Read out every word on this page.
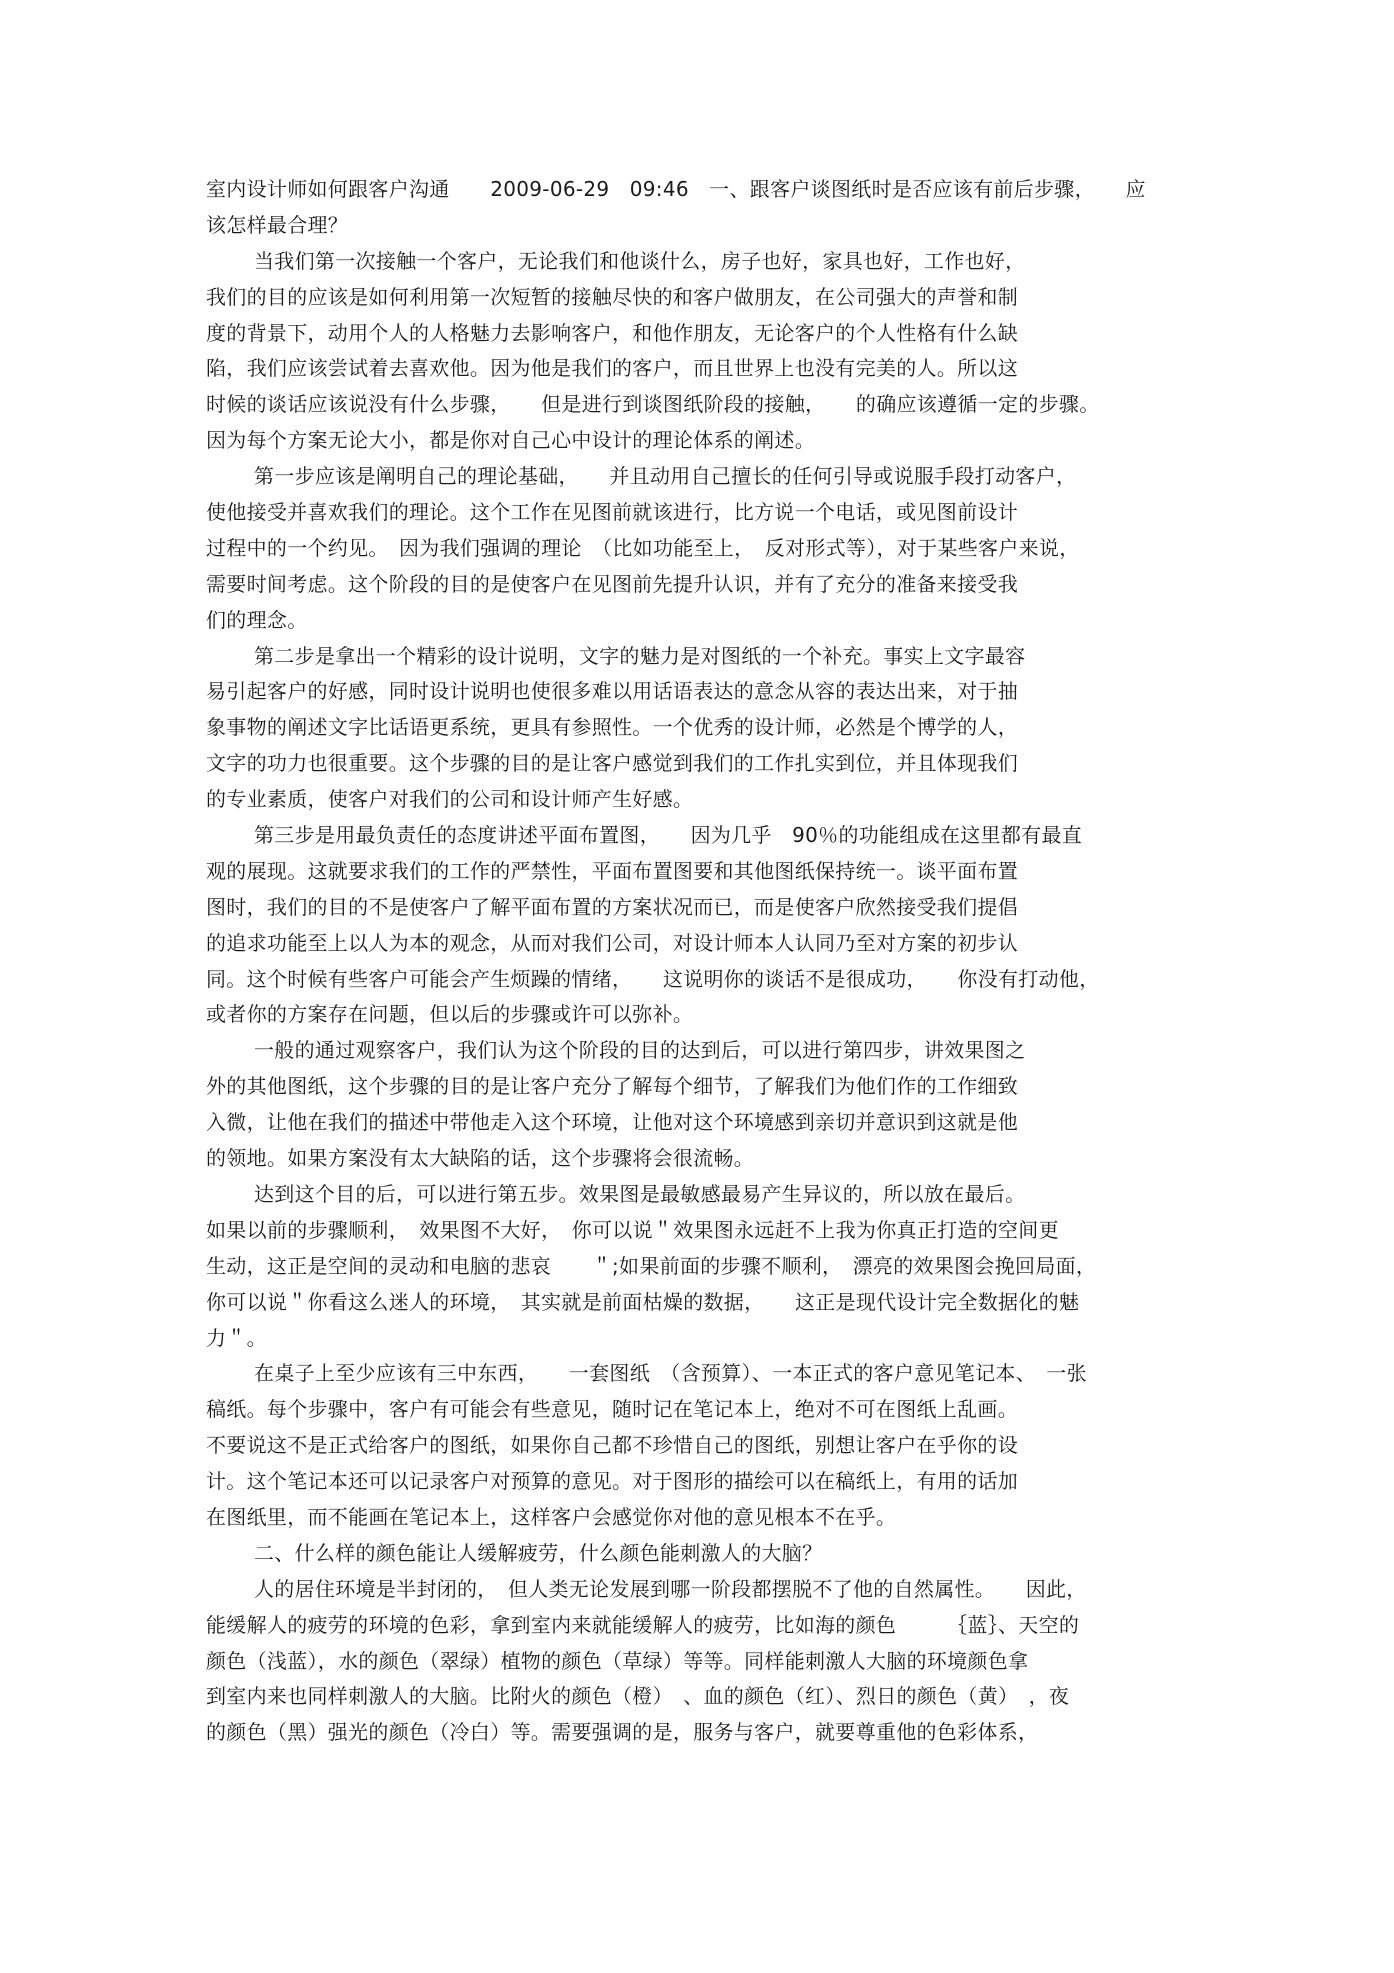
室内设计师如何跟客户沟通　　2009-06-29　09:46　一、跟客户谈图纸时是否应该有前后步骤，　　应
该怎样最合理？
当我们第一次接触一个客户，无论我们和他谈什么，房子也好，家具也好，工作也好，
我们的目的应该是如何利用第一次短暂的接触尽快的和客户做朋友，在公司强大的声誉和制
度的背景下，动用个人的人格魅力去影响客户，和他作朋友，无论客户的个人性格有什么缺
陷，我们应该尝试着去喜欢他。因为他是我们的客户，而且世界上也没有完美的人。所以这
时候的谈话应该说没有什么步骤，　　但是进行到谈图纸阶段的接触，　　的确应该遵循一定的步骤。
因为每个方案无论大小，都是你对自己心中设计的理论体系的阐述。
第一步应该是阐明自己的理论基础，　　并且动用自己擅长的任何引导或说服手段打动客户，
使他接受并喜欢我们的理论。这个工作在见图前就该进行，比方说一个电话，或见图前设计
过程中的一个约见。　因为我们强调的理论　（比如功能至上，　反对形式等），对于某些客户来说，
需要时间考虑。这个阶段的目的是使客户在见图前先提升认识，并有了充分的准备来接受我
们的理念。
第二步是拿出一个精彩的设计说明，文字的魅力是对图纸的一个补充。事实上文字最容
易引起客户的好感，同时设计说明也使很多难以用话语表达的意念从容的表达出来，对于抽
象事物的阐述文字比话语更系统，更具有参照性。一个优秀的设计师，必然是个博学的人，
文字的功力也很重要。这个步骤的目的是让客户感觉到我们的工作扎实到位，并且体现我们
的专业素质，使客户对我们的公司和设计师产生好感。
第三步是用最负责任的态度讲述平面布置图，　　因为几乎　90％的功能组成在这里都有最直
观的展现。这就要求我们的工作的严禁性，平面布置图要和其他图纸保持统一。谈平面布置
图时，我们的目的不是使客户了解平面布置的方案状况而已，而是使客户欣然接受我们提倡
的追求功能至上以人为本的观念，从而对我们公司，对设计师本人认同乃至对方案的初步认
同。这个时候有些客户可能会产生烦躁的情绪，　　这说明你的谈话不是很成功，　　你没有打动他，
或者你的方案存在问题，但以后的步骤或许可以弥补。
一般的通过观察客户，我们认为这个阶段的目的达到后，可以进行第四步，讲效果图之
外的其他图纸，这个步骤的目的是让客户充分了解每个细节，了解我们为他们作的工作细致
入微，让他在我们的描述中带他走入这个环境，让他对这个环境感到亲切并意识到这就是他
的领地。如果方案没有太大缺陷的话，这个步骤将会很流畅。
达到这个目的后，可以进行第五步。效果图是最敏感最易产生异议的，所以放在最后。
如果以前的步骤顺利，　效果图不大好，　你可以说＂效果图永远赶不上我为你真正打造的空间更
生动，这正是空间的灵动和电脑的悲哀　　＂;如果前面的步骤不顺利，　漂亮的效果图会挽回局面，
你可以说＂你看这么迷人的环境，　其实就是前面枯燥的数据，　　这正是现代设计完全数据化的魅
力＂。
在桌子上至少应该有三中东西，　　一套图纸　（含预算）、一本正式的客户意见笔记本、　一张
稿纸。每个步骤中，客户有可能会有些意见，随时记在笔记本上，绝对不可在图纸上乱画。
不要说这不是正式给客户的图纸，如果你自己都不珍惜自己的图纸，别想让客户在乎你的设
计。这个笔记本还可以记录客户对预算的意见。对于图形的描绘可以在稿纸上，有用的话加
在图纸里，而不能画在笔记本上，这样客户会感觉你对他的意见根本不在乎。
二、什么样的颜色能让人缓解疲劳，什么颜色能刺激人的大脑？
人的居住环境是半封闭的，　但人类无论发展到哪一阶段都摆脱不了他的自然属性。　　因此，
能缓解人的疲劳的环境的色彩，拿到室内来就能缓解人的疲劳，比如海的颜色　　　｛蓝｝、天空的
颜色（浅蓝），水的颜色（翠绿）植物的颜色（草绿）等等。同样能刺激人大脑的环境颜色拿
到室内来也同样刺激人的大脑。比附火的颜色（橙）　、血的颜色（红）、烈日的颜色（黄）　，夜
的颜色（黑）强光的颜色（冷白）等。需要强调的是，服务与客户，就要尊重他的色彩体系，
